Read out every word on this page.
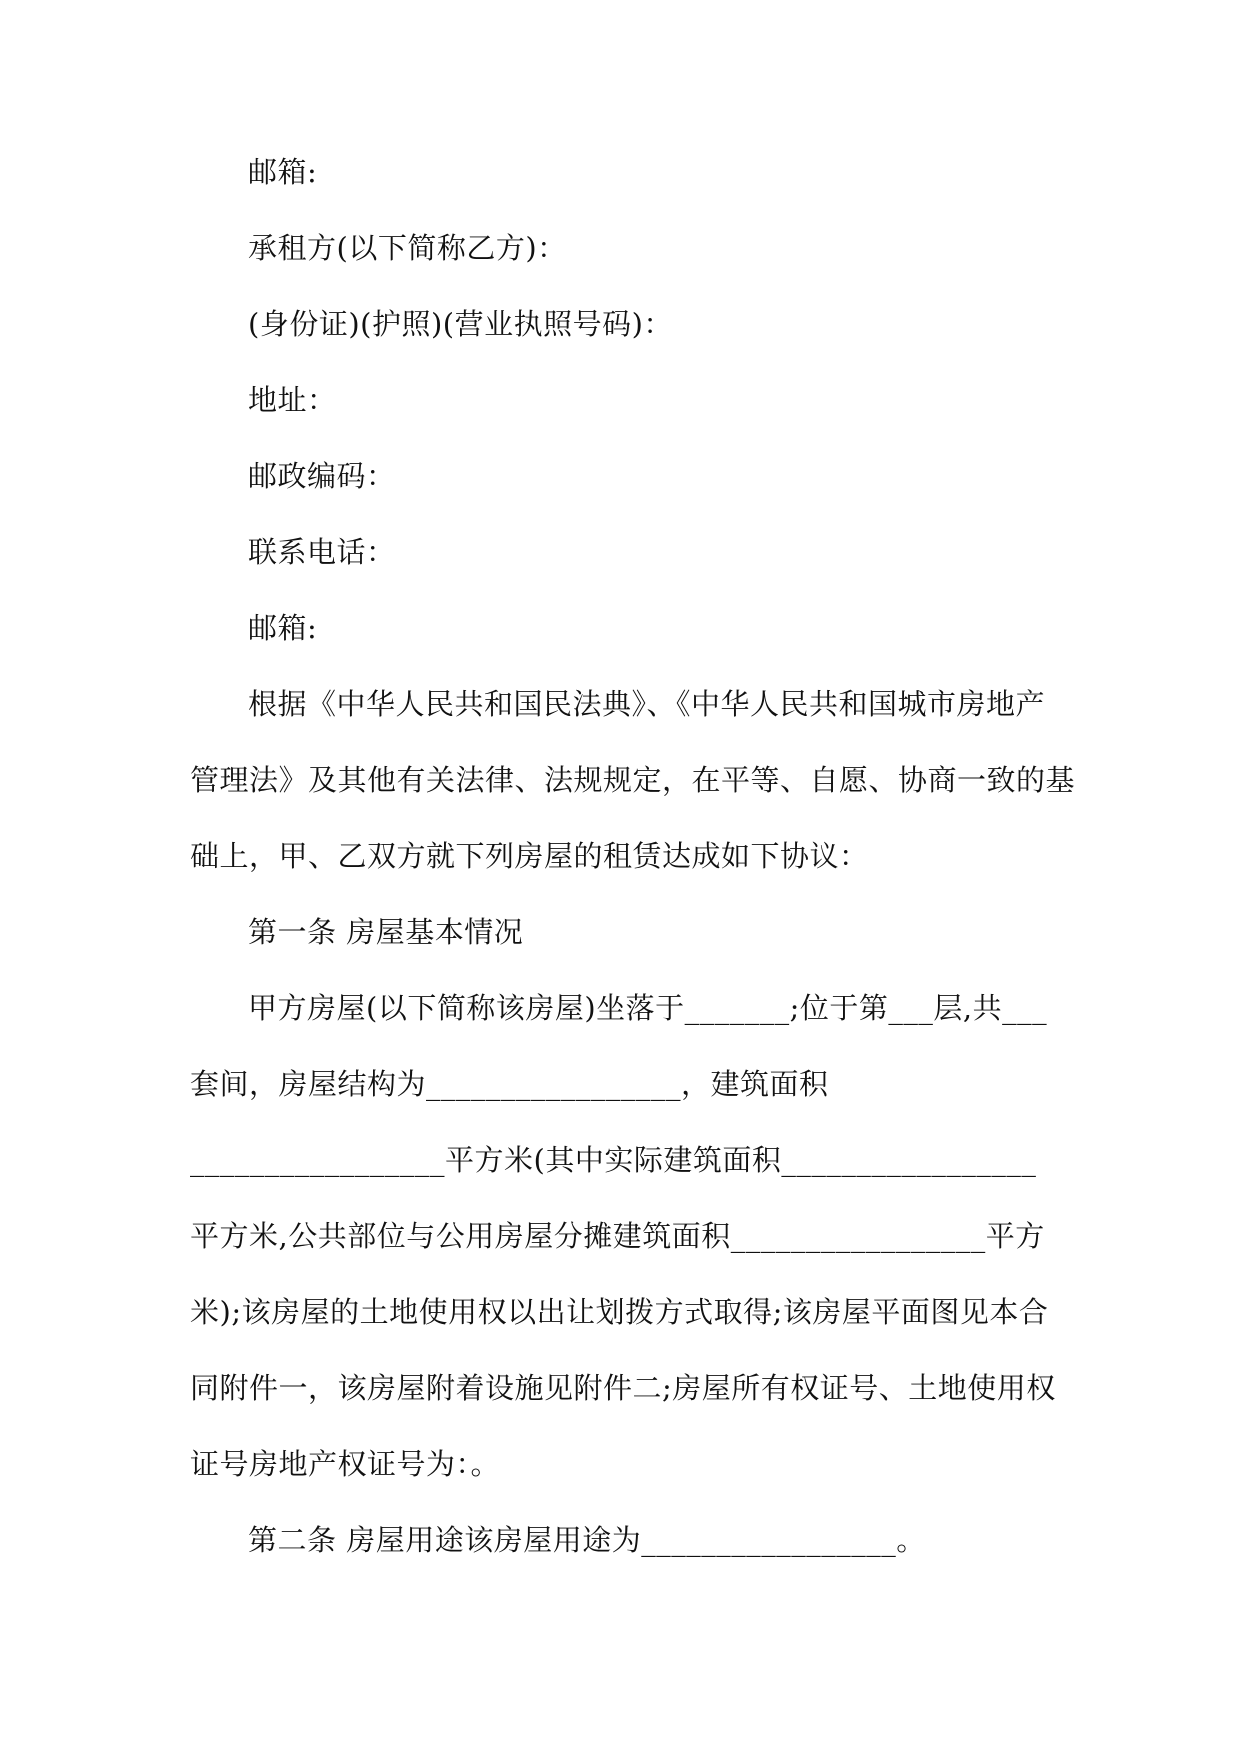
邮箱:
承租方(以下简称乙方)：
(身份证)(护照)(营业执照号码)：
地址：
邮政编码：
联系电话：
邮箱:
根据《中华人民共和国民法典》、《中华人民共和国城市房地产
管理法》及其他有关法律、法规规定，在平等、自愿、协商一致的基
础上，甲、乙双方就下列房屋的租赁达成如下协议：
第一条 房屋基本情况
甲方房屋(以下简称该房屋)坐落于_______;位于第___层,共___
套间，房屋结构为_________________，建筑面积
_________________平方米(其中实际建筑面积_________________
平方米,公共部位与公用房屋分摊建筑面积_________________平方
米);该房屋的土地使用权以出让划拨方式取得;该房屋平面图见本合
同附件一，该房屋附着设施见附件二;房屋所有权证号、土地使用权
证号房地产权证号为：。
第二条 房屋用途该房屋用途为_________________。
